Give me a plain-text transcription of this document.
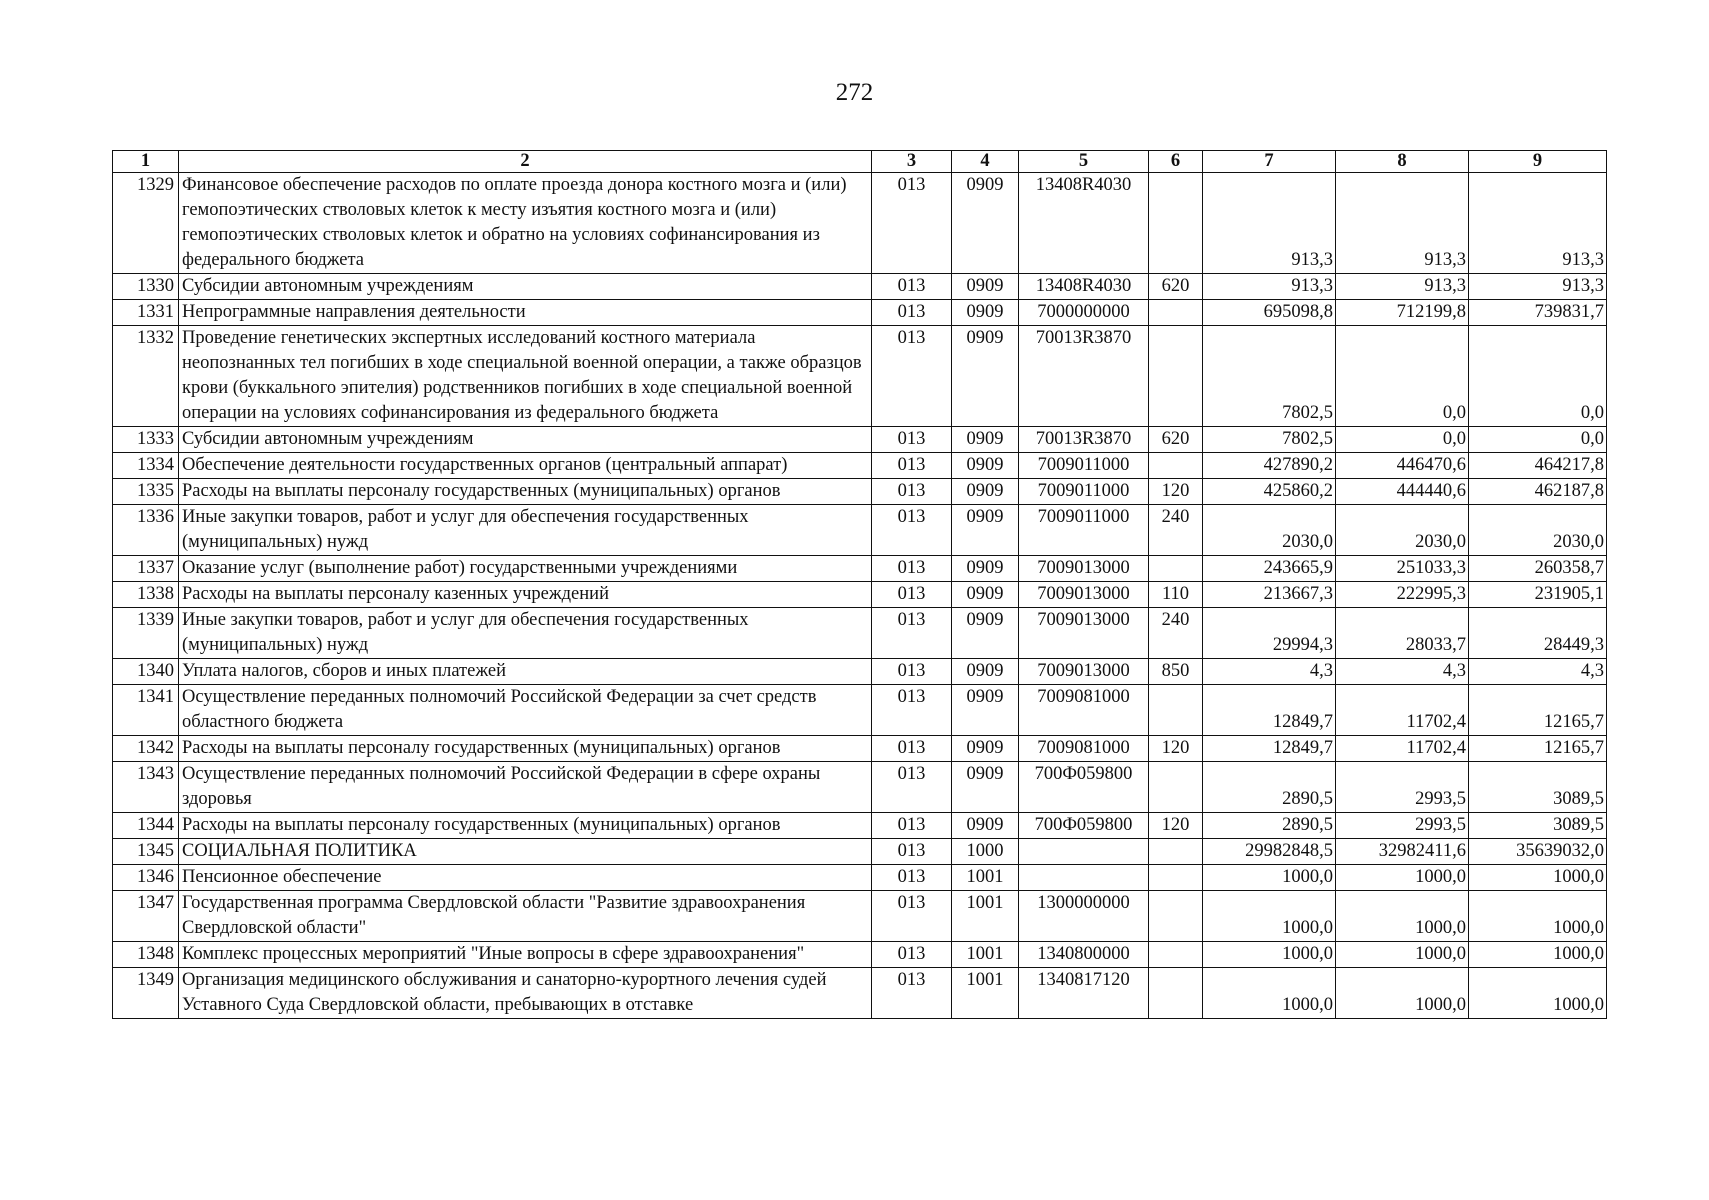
272
1	2	3	4	5	6	7	8	9
1329	Финансовое обеспечение расходов по оплате проезда донора костного мозга и (или) гемопоэтических стволовых клеток к месту изъятия костного мозга и (или) гемопоэтических стволовых клеток и обратно на условиях софинансирования из федерального бюджета	013	0909	13408R4030		913,3	913,3	913,3
1330	Субсидии автономным учреждениям	013	0909	13408R4030	620	913,3	913,3	913,3
1331	Непрограммные направления деятельности	013	0909	7000000000		695098,8	712199,8	739831,7
1332	Проведение генетических экспертных исследований костного материала неопознанных тел погибших в ходе специальной военной операции, а также образцов крови (буккального эпителия) родственников погибших в ходе специальной военной операции на условиях софинансирования из федерального бюджета	013	0909	70013R3870		7802,5	0,0	0,0
1333	Субсидии автономным учреждениям	013	0909	70013R3870	620	7802,5	0,0	0,0
1334	Обеспечение деятельности государственных органов (центральный аппарат)	013	0909	7009011000		427890,2	446470,6	464217,8
1335	Расходы на выплаты персоналу государственных (муниципальных) органов	013	0909	7009011000	120	425860,2	444440,6	462187,8
1336	Иные закупки товаров, работ и услуг для обеспечения государственных (муниципальных) нужд	013	0909	7009011000	240	2030,0	2030,0	2030,0
1337	Оказание услуг (выполнение работ) государственными учреждениями	013	0909	7009013000		243665,9	251033,3	260358,7
1338	Расходы на выплаты персоналу казенных учреждений	013	0909	7009013000	110	213667,3	222995,3	231905,1
1339	Иные закупки товаров, работ и услуг для обеспечения государственных (муниципальных) нужд	013	0909	7009013000	240	29994,3	28033,7	28449,3
1340	Уплата налогов, сборов и иных платежей	013	0909	7009013000	850	4,3	4,3	4,3
1341	Осуществление переданных полномочий Российской Федерации за счет средств областного бюджета	013	0909	7009081000		12849,7	11702,4	12165,7
1342	Расходы на выплаты персоналу государственных (муниципальных) органов	013	0909	7009081000	120	12849,7	11702,4	12165,7
1343	Осуществление переданных полномочий Российской Федерации в сфере охраны здоровья	013	0909	700Ф059800		2890,5	2993,5	3089,5
1344	Расходы на выплаты персоналу государственных (муниципальных) органов	013	0909	700Ф059800	120	2890,5	2993,5	3089,5
1345	СОЦИАЛЬНАЯ ПОЛИТИКА	013	1000			29982848,5	32982411,6	35639032,0
1346	Пенсионное обеспечение	013	1001			1000,0	1000,0	1000,0
1347	Государственная программа Свердловской области "Развитие здравоохранения Свердловской области"	013	1001	1300000000		1000,0	1000,0	1000,0
1348	Комплекс процессных мероприятий "Иные вопросы в сфере здравоохранения"	013	1001	1340800000		1000,0	1000,0	1000,0
1349	Организация медицинского обслуживания и санаторно-курортного лечения судей Уставного Суда Свердловской области, пребывающих в отставке	013	1001	1340817120		1000,0	1000,0	1000,0
